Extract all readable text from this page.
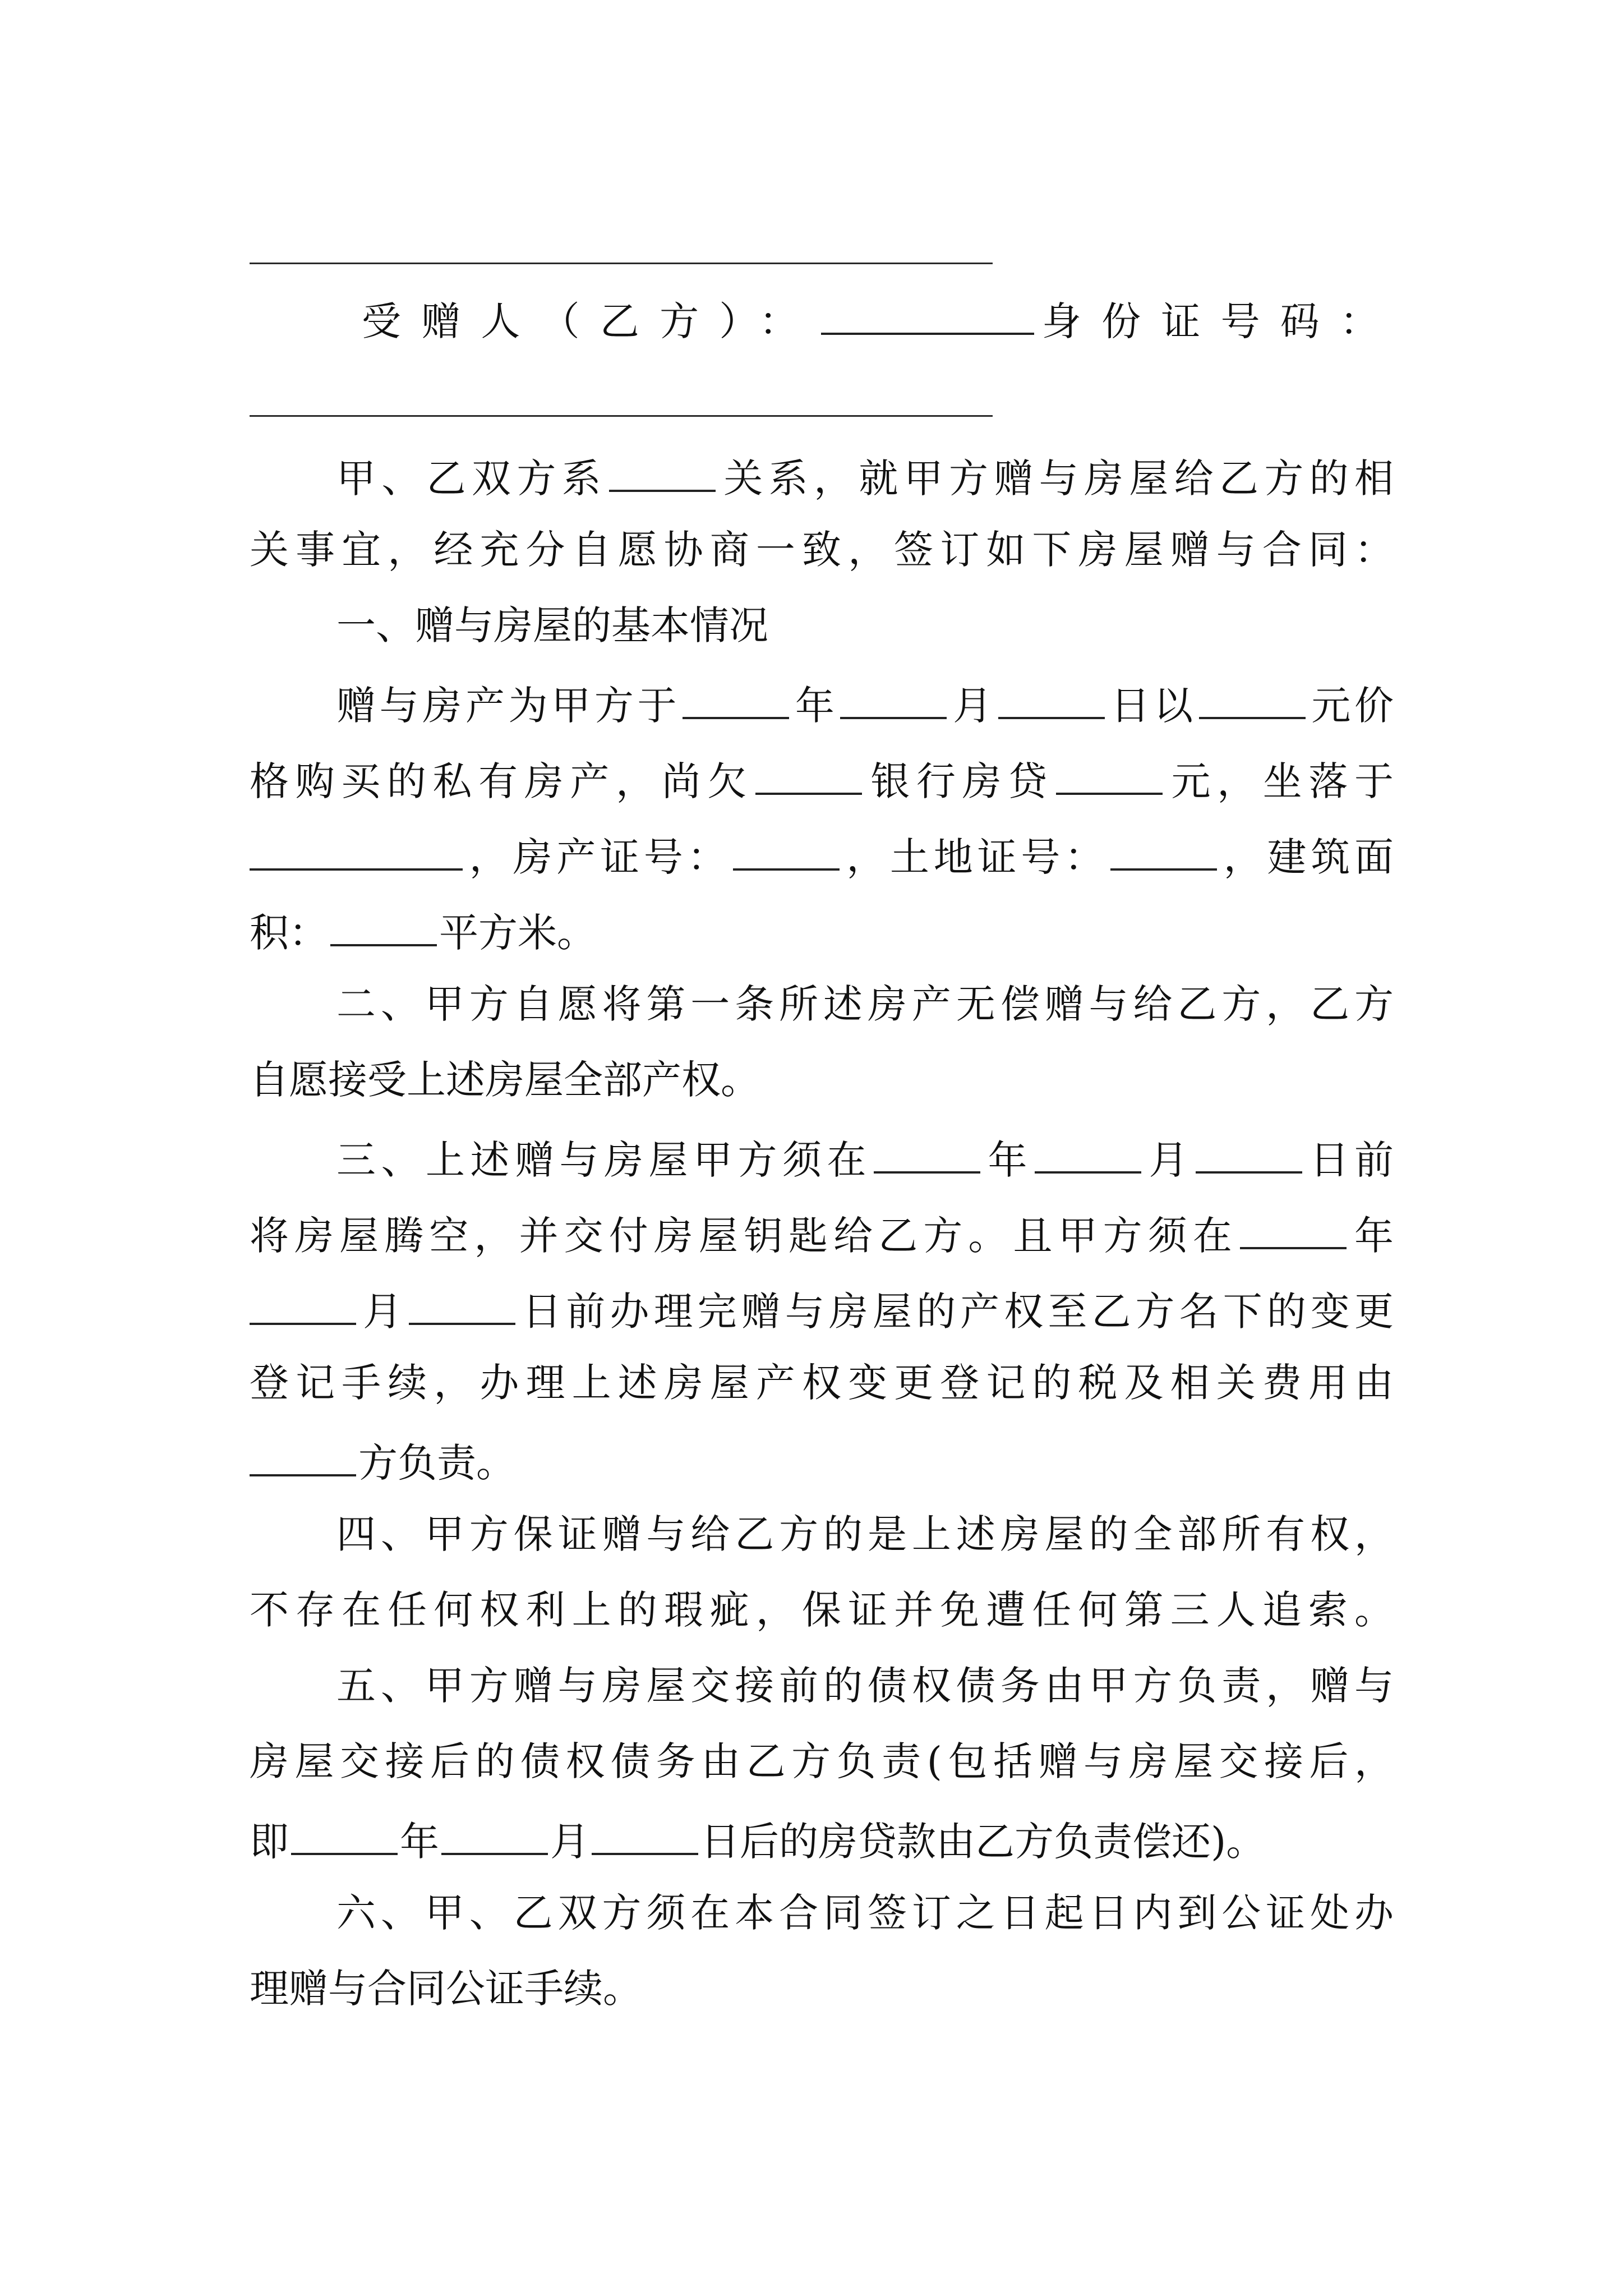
受赠人（乙方）：	身份证号码：
甲、乙双方系	关系，就甲方赠与房屋给乙方的相
关事宜，经充分自愿协商一致，签订如下房屋赠与合同：
一、赠与房屋的基本情况
赠与房产为甲方于	年	月	日以	元价
格购买的私有房产，尚欠	银行房贷	元，坐落于
，房产证号：	，土地证号：	，建筑面
积：	平方米。
二、甲方自愿将第一条所述房产无偿赠与给乙方，乙方
自愿接受上述房屋全部产权。
三、上述赠与房屋甲方须在	年	月	日前
将房屋腾空，并交付房屋钥匙给乙方。且甲方须在	年
月	日前办理完赠与房屋的产权至乙方名下的变更
登记手续，办理上述房屋产权变更登记的税及相关费用由
方负责。
四、甲方保证赠与给乙方的是上述房屋的全部所有权，
不存在任何权利上的瑕疵，保证并免遭任何第三人追索。
五、甲方赠与房屋交接前的债权债务由甲方负责，赠与
房屋交接后的债权债务由乙方负责(包括赠与房屋交接后，
即	年	月	日后的房贷款由乙方负责偿还)。
六、甲、乙双方须在本合同签订之日起日内到公证处办
理赠与合同公证手续。
